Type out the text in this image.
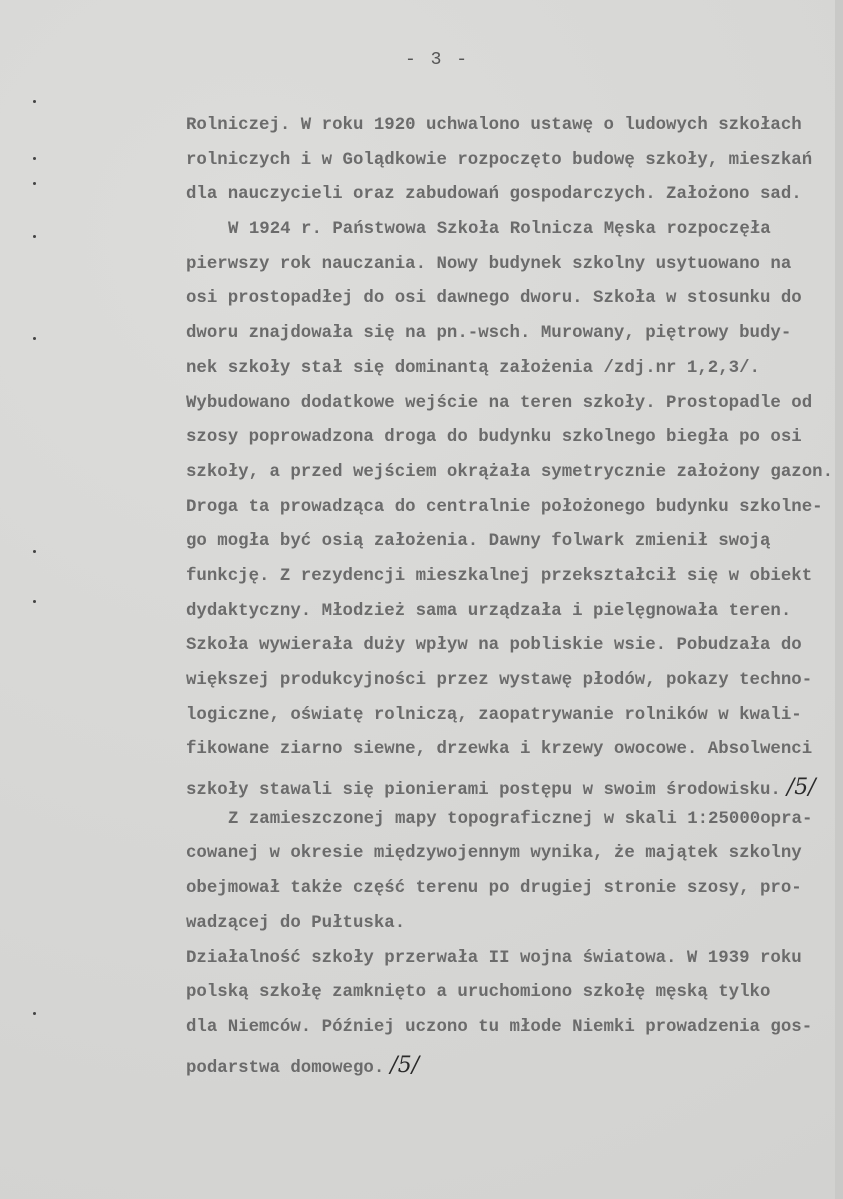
- 3 -
Rolniczej. W roku 1920 uchwalono ustawę o ludowych szkołach
rolniczych i w Golądkowie rozpoczęto budowę szkoły, mieszkań
dla nauczycieli oraz zabudowań gospodarczych. Założono sad.
W 1924 r. Państwowa Szkoła Rolnicza Męska rozpoczęła
pierwszy rok nauczania. Nowy budynek szkolny usytuowano na
osi prostopadłej do osi dawnego dworu. Szkoła w stosunku do
dworu znajdowała się na pn.-wsch. Murowany, piętrowy budy-
nek szkoły stał się dominantą założenia /zdj.nr 1,2,3/.
Wybudowano dodatkowe wejście na teren szkoły. Prostopadle od
szosy poprowadzona droga do budynku szkolnego biegła po osi
szkoły, a przed wejściem okrążała symetrycznie założony gazon.
Droga ta prowadząca do centralnie położonego budynku szkolne-
go mogła być osią założenia. Dawny folwark zmienił swoją
funkcję. Z rezydencji mieszkalnej przekształcił się w obiekt
dydaktyczny. Młodzież sama urządzała i pielęgnowała teren.
Szkoła wywierała duży wpływ na pobliskie wsie. Pobudzała do
większej produkcyjności przez wystawę płodów, pokazy techno-
logiczne, oświatę rolniczą, zaopatrywanie rolników w kwali-
fikowane ziarno siewne, drzewka i krzewy owocowe. Absolwenci
szkoły stawali się pionierami postępu w swoim środowisku. /5/
Z zamieszczonej mapy topograficznej w skali 1:25000opra-
cowanej w okresie międzywojennym wynika, że majątek szkolny
obejmował także część terenu po drugiej stronie szosy, pro-
wadzącej do Pułtuska.
Działalność szkoły przerwała II wojna światowa. W 1939 roku
polską szkołę zamknięto a uruchomiono szkołę męską tylko
dla Niemców. Później uczono tu młode Niemki prowadzenia gos-
podarstwa domowego. /5/
